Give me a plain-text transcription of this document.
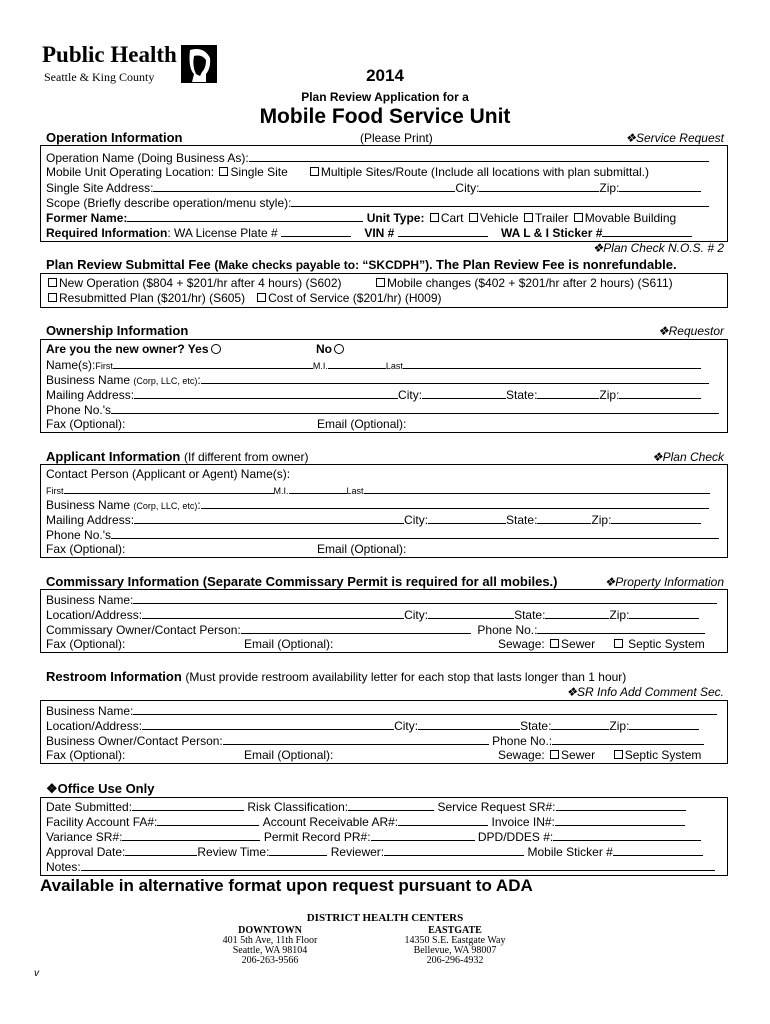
Public Health
Seattle & King County	2014
Plan Review Application for a
Mobile Food Service Unit
Operation Information	(Please Print)	❖Service Request
Operation Name (Doing Business As):
Mobile Unit Operating Location: Single Site	Multiple Sites/Route (Include all locations with plan submittal.)
Single Site Address:	City:	Zip:
Scope (Briefly describe operation/menu style):
Former Name:	Unit Type: Cart Vehicle Trailer Movable Building
Required Information: WA License Plate #	VIN #	WA L & I Sticker #
❖Plan Check N.O.S. # 2
Plan Review Submittal Fee (Make checks payable to: “SKCDPH”). The Plan Review Fee is nonrefundable.
New Operation ($804 + $201/hr after 4 hours) (S602)	Mobile changes ($402 + $201/hr after 2 hours) (S611)
Resubmitted Plan ($201/hr) (S605) Cost of Service ($201/hr) (H009)
Ownership Information	❖Requestor
Are you the new owner? Yes	No
Name(s):First	M.I.	Last
Business Name (Corp, LLC, etc):
Mailing Address:	City:	State:	Zip:
Phone No.'s
Fax (Optional):	Email (Optional):
Applicant Information (If different from owner)	❖Plan Check
Contact Person (Applicant or Agent) Name(s):
First	M.I.	Last
Business Name (Corp, LLC, etc):
Mailing Address:	City:	State:	Zip:
Phone No.'s
Fax (Optional):	Email (Optional):
Commissary Information (Separate Commissary Permit is required for all mobiles.)	❖Property Information
Business Name:
Location/Address:	City:	State:	Zip:
Commissary Owner/Contact Person:	Phone No.:
Fax (Optional):	Email (Optional):	Sewage: Sewer	Septic System
Restroom Information (Must provide restroom availability letter for each stop that lasts longer than 1 hour)
❖SR Info Add Comment Sec.
Business Name:
Location/Address:	City:	State:	Zip:
Business Owner/Contact Person:	Phone No.:
Fax (Optional):	Email (Optional):	Sewage: Sewer Septic System
❖Office Use Only
Date Submitted:	Risk Classification:	Service Request SR#:
Facility Account FA#:	Account Receivable AR#:	Invoice IN#:
Variance SR#:	Permit Record PR#:	DPD/DDES #:
Approval Date:	Review Time:	Reviewer:	Mobile Sticker #
Notes:
Available in alternative format upon request pursuant to ADA
DISTRICT HEALTH CENTERS
DOWNTOWN
401 5th Ave, 11th Floor
Seattle, WA 98104
206-263-9566
EASTGATE
14350 S.E. Eastgate Way
Bellevue, WA 98007
206-296-4932
v
